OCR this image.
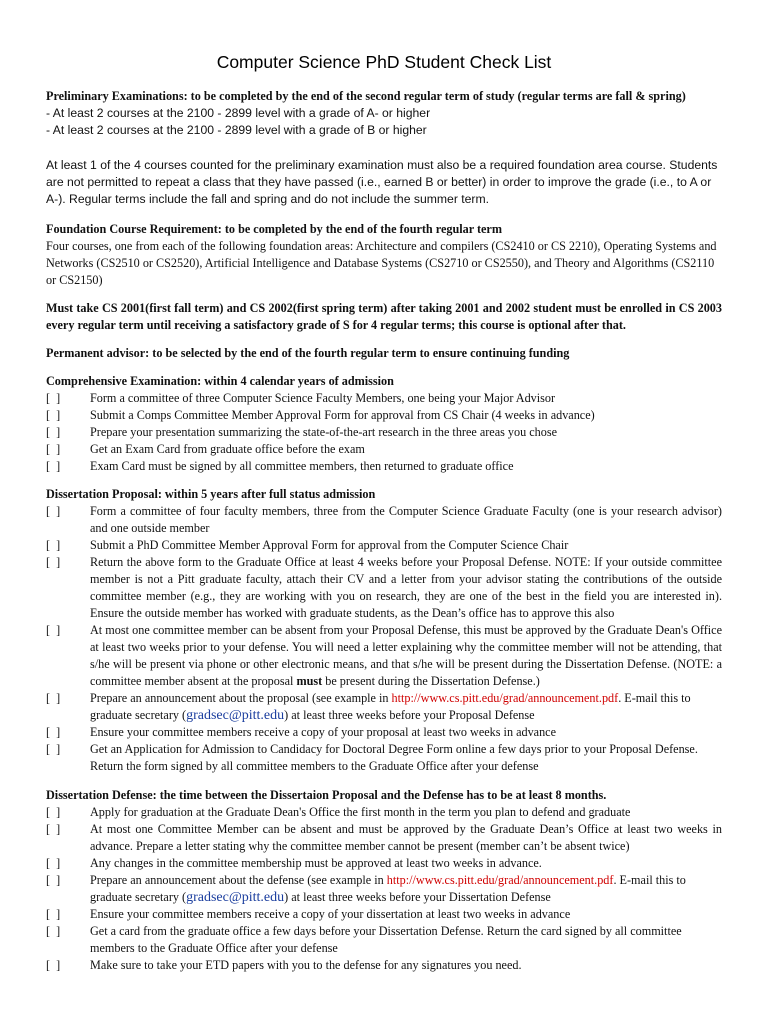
Computer Science PhD Student Check List

Preliminary Examinations: to be completed by the end of the second regular term of study (regular terms are fall & spring)

- At least 2 courses at the 2100 - 2899 level with a grade of A- or higher

- At least 2 courses at the 2100 - 2899 level with a grade of B or higher

At least 1 of the 4 courses counted for the preliminary examination must also be a required foundation area course. Students are not permitted to repeat a class that they have passed (i.e., earned B or better) in order to improve the grade (i.e., to A or A-). Regular terms include the fall and spring and do not include the summer term.

Foundation Course Requirement: to be completed by the end of the fourth regular term

Four courses, one from each of the following foundation areas: Architecture and compilers (CS2410 or CS 2210), Operating Systems and Networks (CS2510 or CS2520), Artificial Intelligence and Database Systems (CS2710 or CS2550), and Theory and Algorithms (CS2110 or CS2150)

Must take CS 2001(first fall term) and CS 2002(first spring term) after taking 2001 and 2002 student must be enrolled in CS 2003 every regular term until receiving a satisfactory grade of S for 4 regular terms; this course is optional after that.

Permanent advisor: to be selected by the end of the fourth regular term to ensure continuing funding

Comprehensive Examination: within 4 calendar years of admission

[  ]	Form a committee of three Computer Science Faculty Members, one being your Major Advisor
[  ]	Submit a Comps Committee Member Approval Form for approval from CS Chair (4 weeks in advance)
[  ]	Prepare your presentation summarizing the state-of-the-art research in the three areas you chose
[  ]	Get an Exam Card from graduate office before the exam
[  ]	Exam Card must be signed by all committee members, then returned to graduate office

Dissertation Proposal: within 5 years after full status admission

[  ]	Form a committee of four faculty members, three from the Computer Science Graduate Faculty (one is your research advisor) and one outside member
[  ]	Submit a PhD Committee Member Approval Form for approval from the Computer Science Chair
[  ]	Return the above form to the Graduate Office at least 4 weeks before your Proposal Defense. NOTE: If your outside committee member is not a Pitt graduate faculty, attach their CV and a letter from your advisor stating the contributions of the outside committee member (e.g., they are working with you on research, they are one of the best in the field you are interested in). Ensure the outside member has worked with graduate students, as the Dean’s office has to approve this also
[  ]	At most one committee member can be absent from your Proposal Defense, this must be approved by the Graduate Dean's Office at least two weeks prior to your defense. You will need a letter explaining why the committee member will not be attending, that s/he will be present via phone or other electronic means, and that s/he will be present during the Dissertation Defense. (NOTE: a committee member absent at the proposal must be present during the Dissertation Defense.)
[  ]	Prepare an announcement about the proposal (see example in http://www.cs.pitt.edu/grad/announcement.pdf. E-mail this to graduate secretary (gradsec@pitt.edu) at least three weeks before your Proposal Defense
[  ]	Ensure your committee members receive a copy of your proposal at least two weeks in advance
[  ]	Get an Application for Admission to Candidacy for Doctoral Degree Form online a few days prior to your Proposal Defense. Return the form signed by all committee members to the Graduate Office after your defense

Dissertation Defense: the time between the Dissertaion Proposal and the Defense has to be at least 8 months.

[  ]	Apply for graduation at the Graduate Dean's Office the first month in the term you plan to defend and graduate
[  ]	At most one Committee Member can be absent and must be approved by the Graduate Dean’s Office at least two weeks in advance. Prepare a letter stating why the committee member cannot be present (member can’t be absent twice)
[  ]	Any changes in the committee membership must be approved at least two weeks in advance.
[  ]	Prepare an announcement about the defense (see example in http://www.cs.pitt.edu/grad/announcement.pdf. E-mail this to graduate secretary (gradsec@pitt.edu) at least three weeks before your Dissertation Defense
[  ]	Ensure your committee members receive a copy of your dissertation at least two weeks in advance
[  ]	Get a card from the graduate office a few days before your Dissertation Defense. Return the card signed by all committee members to the Graduate Office after your defense
[  ]	Make sure to take your ETD papers with you to the defense for any signatures you need.
